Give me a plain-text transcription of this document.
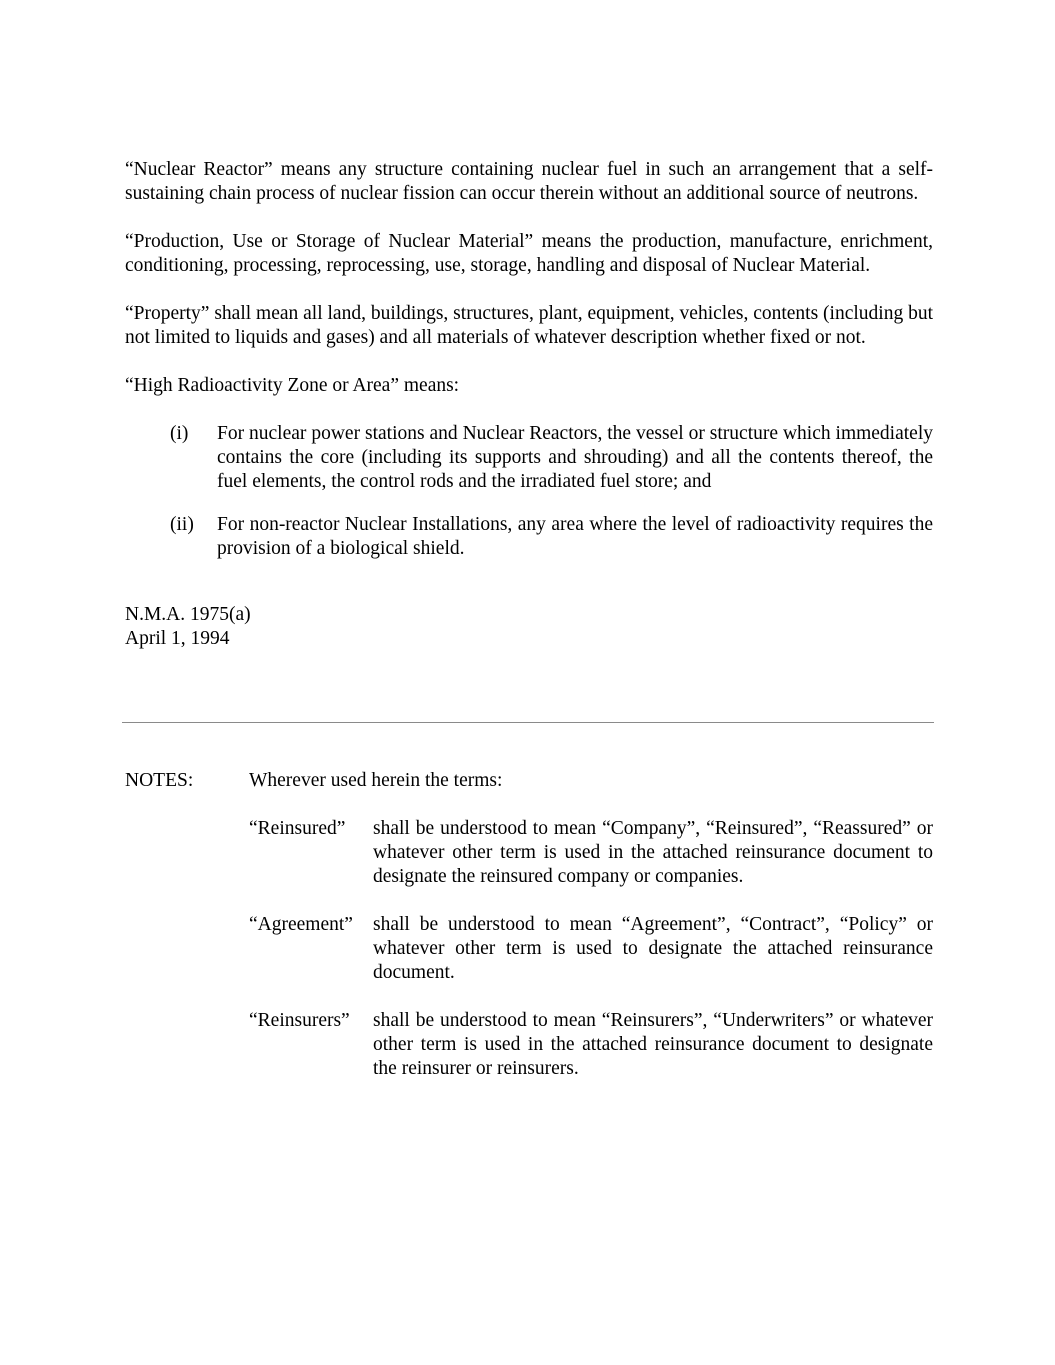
“Nuclear Reactor” means any structure containing nuclear fuel in such an arrangement that a self-sustaining chain process of nuclear fission can occur therein without an additional source of neutrons.

“Production, Use or Storage of Nuclear Material” means the production, manufacture, enrichment, conditioning, processing, reprocessing, use, storage, handling and disposal of Nuclear Material.

“Property” shall mean all land, buildings, structures, plant, equipment, vehicles, contents (including but not limited to liquids and gases) and all materials of whatever description whether fixed or not.

“High Radioactivity Zone or Area” means:

(i)	For nuclear power stations and Nuclear Reactors, the vessel or structure which immediately contains the core (including its supports and shrouding) and all the contents thereof, the fuel elements, the control rods and the irradiated fuel store; and
(ii)	For non-reactor Nuclear Installations, any area where the level of radioactivity requires the provision of a biological shield.
N.M.A. 1975(a)
April 1, 1994
NOTES:	Wherever used herein the terms:
“Reinsured”	shall be understood to mean “Company”, “Reinsured”, “Reassured” or whatever other term is used in the attached reinsurance document to designate the reinsured company or companies.
“Agreement”	shall be understood to mean “Agreement”, “Contract”, “Policy” or whatever other term is used to designate the attached reinsurance document.
“Reinsurers”	shall be understood to mean “Reinsurers”, “Underwriters” or whatever other term is used in the attached reinsurance document to designate the reinsurer or reinsurers.
